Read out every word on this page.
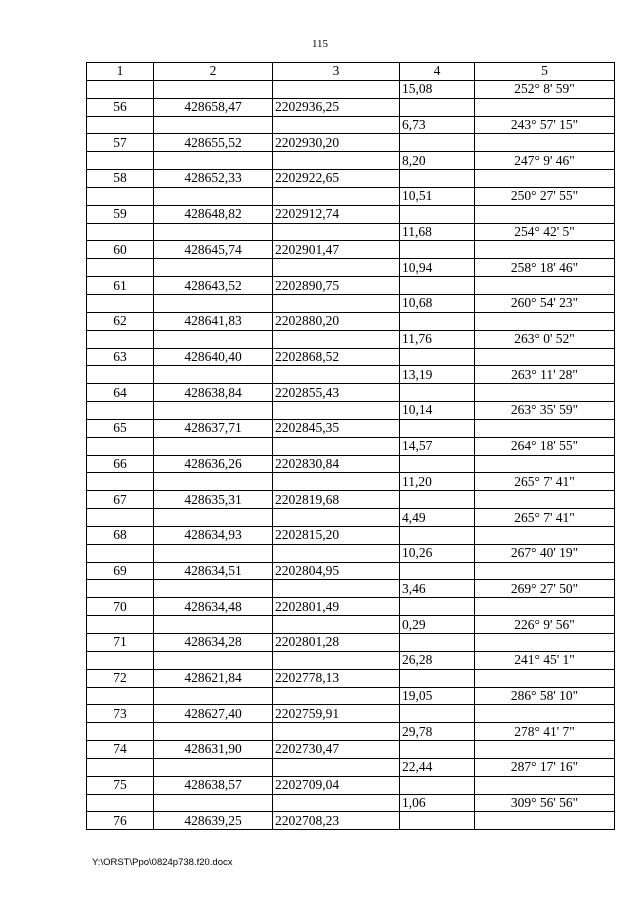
115
1	2	3	4	5
			15,08	252° 8' 59"
56	428658,47	2202936,25		
			6,73	243° 57' 15"
57	428655,52	2202930,20		
			8,20	247° 9' 46"
58	428652,33	2202922,65		
			10,51	250° 27' 55"
59	428648,82	2202912,74		
			11,68	254° 42' 5"
60	428645,74	2202901,47		
			10,94	258° 18' 46"
61	428643,52	2202890,75		
			10,68	260° 54' 23"
62	428641,83	2202880,20		
			11,76	263° 0' 52"
63	428640,40	2202868,52		
			13,19	263° 11' 28"
64	428638,84	2202855,43		
			10,14	263° 35' 59"
65	428637,71	2202845,35		
			14,57	264° 18' 55"
66	428636,26	2202830,84		
			11,20	265° 7' 41"
67	428635,31	2202819,68		
			4,49	265° 7' 41"
68	428634,93	2202815,20		
			10,26	267° 40' 19"
69	428634,51	2202804,95		
			3,46	269° 27' 50"
70	428634,48	2202801,49		
			0,29	226° 9' 56"
71	428634,28	2202801,28		
			26,28	241° 45' 1"
72	428621,84	2202778,13		
			19,05	286° 58' 10"
73	428627,40	2202759,91		
			29,78	278° 41' 7"
74	428631,90	2202730,47		
			22,44	287° 17' 16"
75	428638,57	2202709,04		
			1,06	309° 56' 56"
76	428639,25	2202708,23		
Y:\ORST\Ppo\0824p738.f20.docx
